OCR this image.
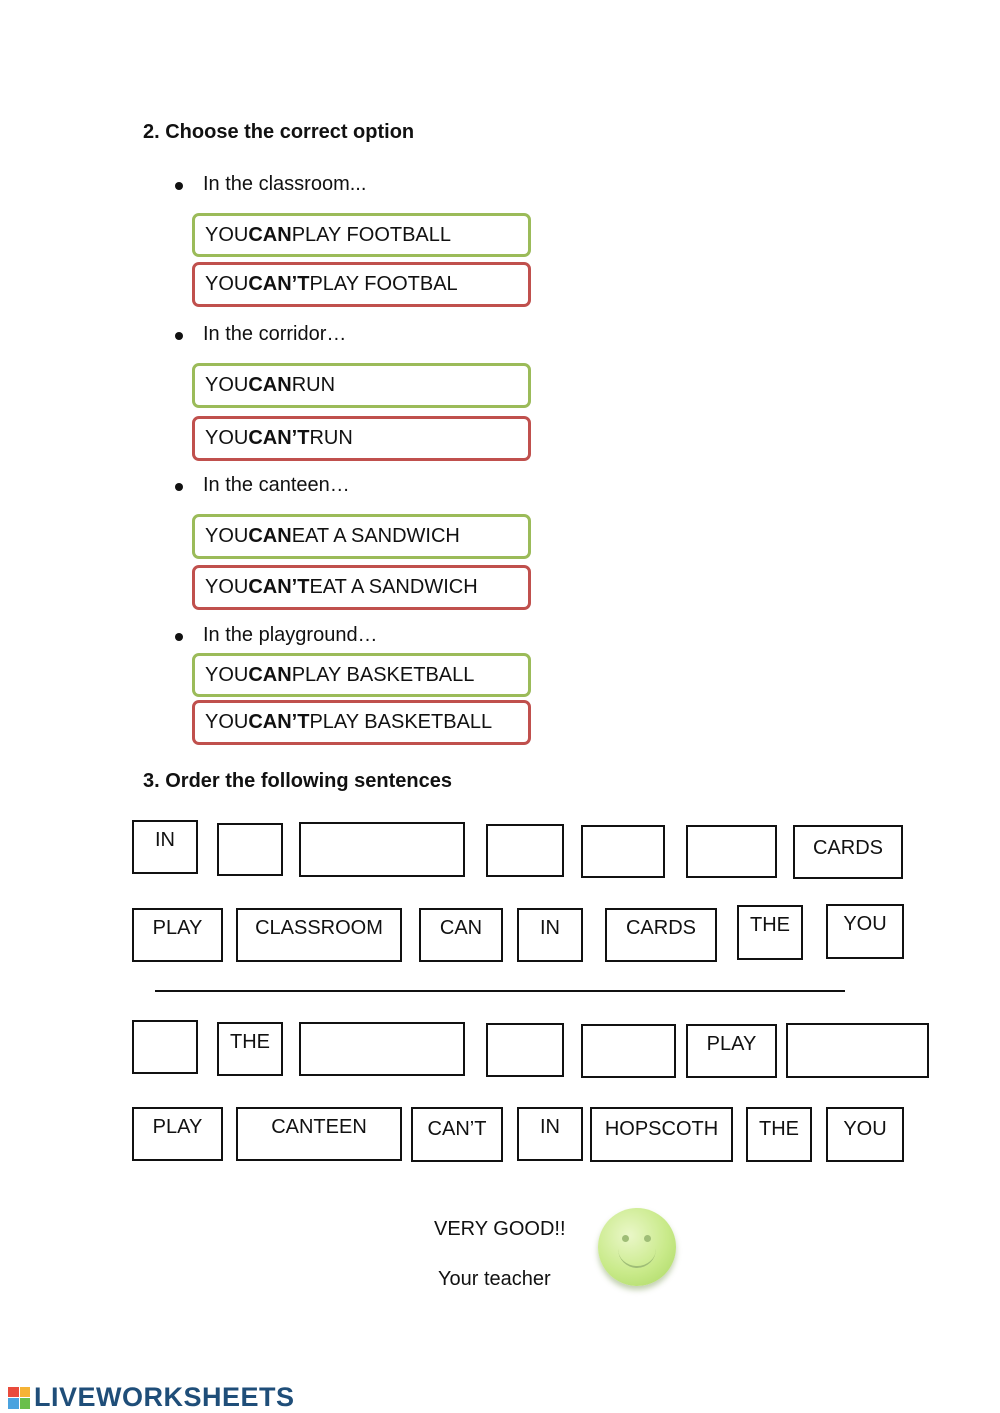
2. Choose the correct option
In the classroom...
YOU CAN PLAY FOOTBALL
YOU CAN’T PLAY FOOTBAL
In the corridor…
YOU CAN RUN
YOU CAN’T RUN
In the canteen…
YOU CAN EAT A SANDWICH
YOU CAN’T EAT A SANDWICH
In the playground…
YOU CAN PLAY BASKETBALL
YOU CAN’T PLAY BASKETBALL
3. Order the following sentences
IN	CARDS
PLAY	CLASSROOM	CAN	IN	CARDS	THE	YOU
THE	PLAY
PLAY	CANTEEN	CAN’T	IN	HOPSCOTH	THE	YOU
VERY GOOD!!
Your teacher
LIVEWORKSHEETS
